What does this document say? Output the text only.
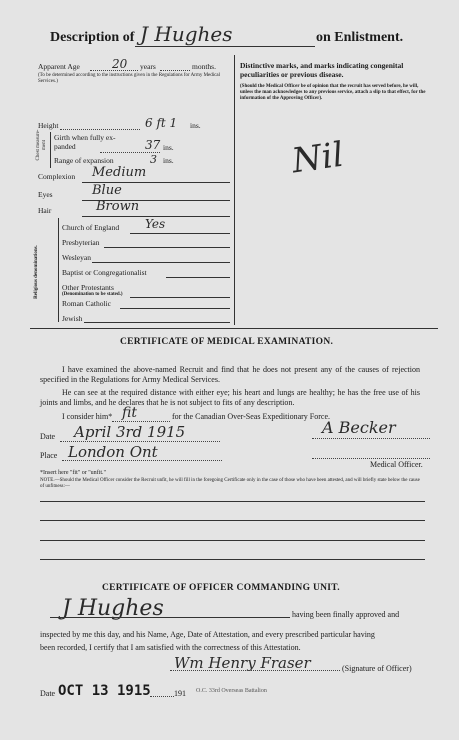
Description of J Hughes	on Enlistment.
Apparent Age	20 years	months.
(To be determined according to the instructions given in the Regulations for Army Medical Services.)
Height	6 ft 1 ins.
Chest measure- ment
Girth when fully ex- panded	37 ins.
Range of expansion	3 ins.
Complexion Medium
Eyes	Blue
Hair	Brown
Religious denominations.
Church of England Yes
Presbyterian
Wesleyan
Baptist or Congregationalist
Other Protestants
(Denomination to be stated.)
Roman Catholic
Jewish
Distinctive marks, and marks indicating congenital peculiarities or previous disease.
(Should the Medical Officer be of opinion that the recruit has served before, he will, unless the man acknowledges to any previous service, attach a slip to that effect, for the information of the Approving Officer).
Nil
CERTIFICATE OF MEDICAL EXAMINATION.
I have examined the above-named Recruit and find that he does not present any of the causes of rejection specified in the Regulations for Army Medical Services.
He can see at the required distance with either eye; his heart and lungs are healthy; he has the free use of his joints and limbs, and he declares that he is not subject to fits of any description.
I consider him* fit	for the Canadian Over-Seas Expeditionary Force.
Date April 3rd 1915	A Becker
Place London Ont
Medical Officer.
*Insert here "fit" or "unfit."
NOTE.—Should the Medical Officer consider the Recruit unfit, he will fill in the foregoing Certificate only in the case of those who have been attested, and will briefly state below the cause of unfitness:—
CERTIFICATE OF OFFICER COMMANDING UNIT.
J Hughes	having been finally approved and
inspected by me this day, and his Name, Age, Date of Attestation, and every prescribed particular having
been recorded, I certify that I am satisfied with the correctness of this Attestation.
Wm Henry Fraser	(Signature of Officer)
Date OCT 13 1915	191 O.C. 33rd Overseas Battalion
